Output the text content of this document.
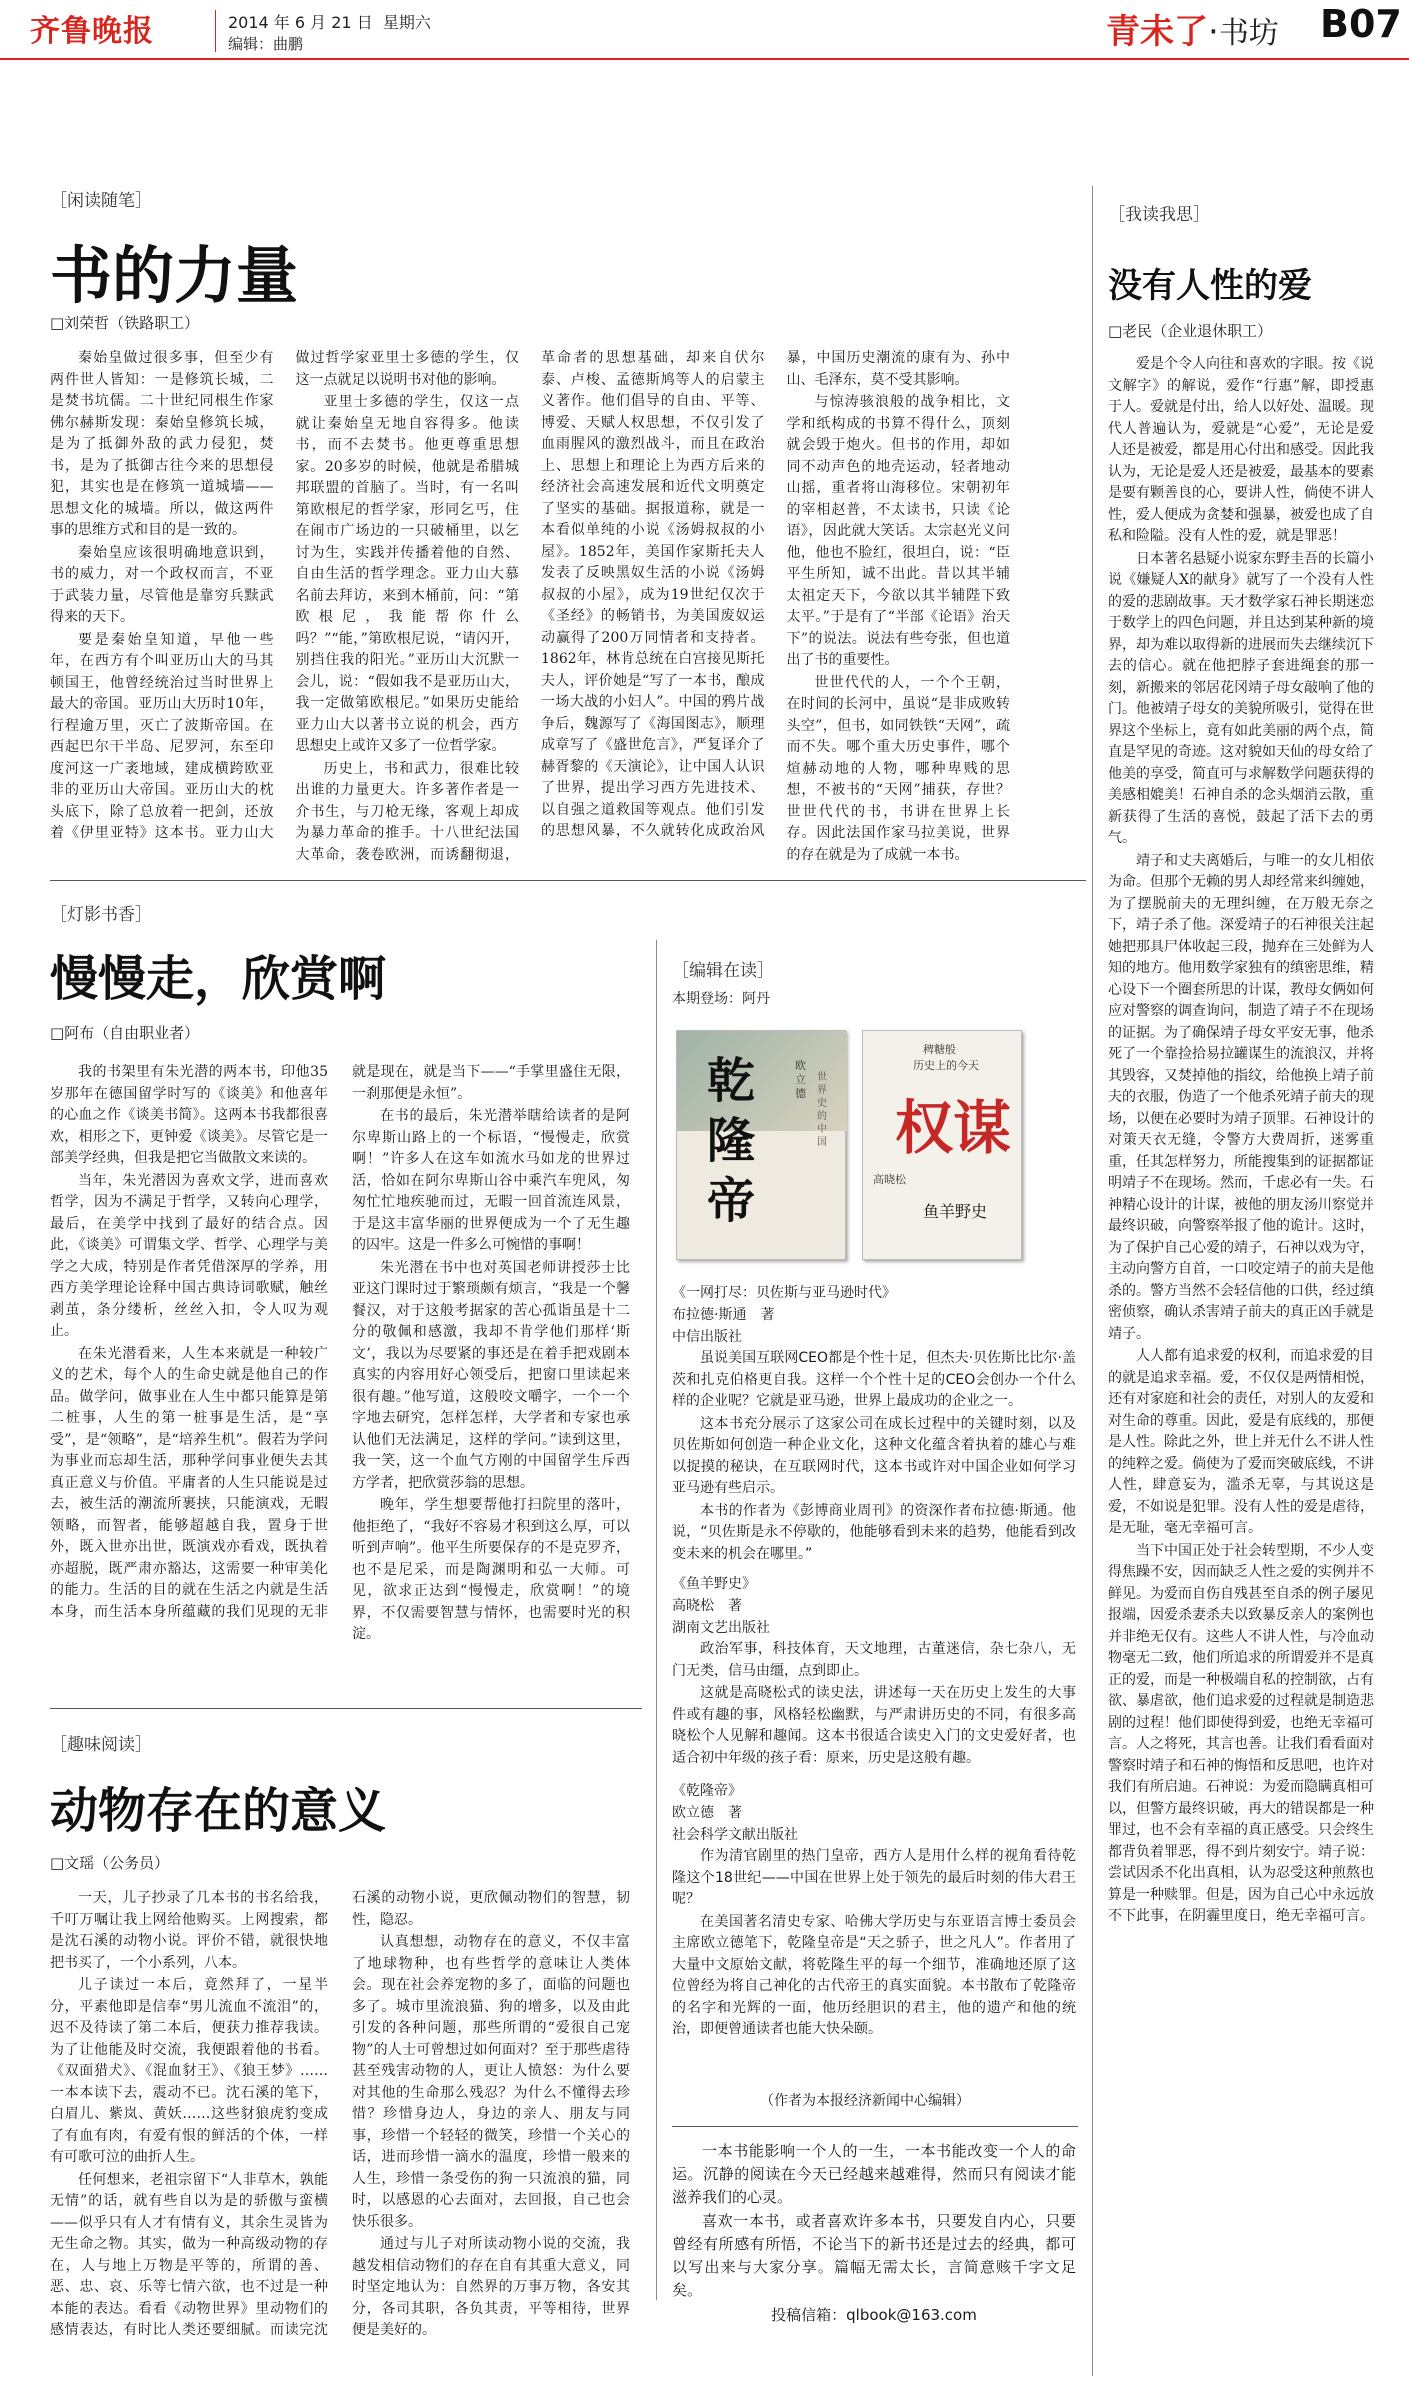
齐鲁晚报	2014 年 6 月 21 日 星期六
编辑：曲鹏	青未了·书坊 B07
［闲读随笔］
书的力量
□刘荣哲（铁路职工）
秦始皇做过很多事，但至少有两件世人皆知：一是修筑长城，二是焚书坑儒。二十世纪同根生作家佛尔赫斯发现：秦始皇修筑长城，是为了抵御外敌的武力侵犯，焚书，是为了抵御古往今来的思想侵犯，其实也是在修筑一道城墙——思想文化的城墙。所以，做这两件事的思维方式和目的是一致的。
秦始皇应该很明确地意识到，书的威力，对一个政权而言，不亚于武装力量，尽管他是靠穷兵黩武得来的天下。
要是秦始皇知道，早他一些年，在西方有个叫亚历山大的马其顿国王，他曾经统治过当时世界上最大的帝国。亚历山大历时10年，行程逾万里，灭亡了波斯帝国。在西起巴尔干半岛、尼罗河，东至印度河这一广袤地域，建成横跨欧亚非的亚历山大帝国。亚历山大的枕头底下，除了总放着一把剑，还放着《伊里亚特》这本书。亚力山大做过哲学家亚里士多德的学生，仅这一点就足以说明书对他的影响。
亚里士多德的学生，仅这一点就让秦始皇无地自容得多。他读书，而不去焚书。他更尊重思想家。20多岁的时候，他就是希腊城邦联盟的首脑了。当时，有一名叫第欧根尼的哲学家，形同乞丐，住在闹市广场边的一只破桶里，以乞讨为生，实践并传播着他的自然、自由生活的哲学理念。亚力山大慕名前去拜访，来到木桶前，问：“第欧根尼，我能帮你什么吗？”“能，”第欧根尼说，“请闪开，别挡住我的阳光。”亚历山大沉默一会儿，说：“假如我不是亚历山大，我一定做第欧根尼。”如果历史能给亚力山大以著书立说的机会，西方思想史上或许又多了一位哲学家。
历史上，书和武力，很难比较出谁的力量更大。许多著作者是一介书生，与刀枪无缘，客观上却成为暴力革命的推手。十八世纪法国大革命，袭卷欧洲，而诱翻彻退，革命者的思想基础，却来自伏尔泰、卢梭、孟德斯鸠等人的启蒙主义著作。他们倡导的自由、平等、博爱、天赋人权思想，不仅引发了血雨腥风的激烈战斗，而且在政治上、思想上和理论上为西方后来的经济社会高速发展和近代文明奠定了坚实的基础。据报道称，就是一本看似单纯的小说《汤姆叔叔的小屋》。1852年，美国作家斯托夫人发表了反映黑奴生活的小说《汤姆叔叔的小屋》，成为19世纪仅次于《圣经》的畅销书，为美国废奴运动赢得了200万同情者和支持者。1862年，林肯总统在白宫接见斯托夫人，评价她是“写了一本书，酿成一场大战的小妇人”。中国的鸦片战争后，魏源写了《海国图志》，顺理成章写了《盛世危言》，严复译介了赫胥黎的《天演论》，让中国人认识了世界，提出学习西方先进技术、以自强之道救国等观点。他们引发的思想风暴，不久就转化成政治风暴，中国历史潮流的康有为、孙中山、毛泽东，莫不受其影响。
与惊涛骇浪般的战争相比，文学和纸构成的书算不得什么，顶刻就会毁于炮火。但书的作用，却如同不动声色的地壳运动，轻者地动山摇，重者将山海移位。宋朝初年的宰相赵普，不太读书，只读《论语》，因此就大笑话。太宗赵光义问他，他也不脸红，很坦白，说：“臣平生所知，诚不出此。昔以其半辅太祖定天下，今欲以其半辅陛下致太平。”于是有了“半部《论语》治天下”的说法。说法有些夸张，但也道出了书的重要性。
世世代代的人，一个个王朝，在时间的长河中，虽说“是非成败转头空”，但书，如同铁铁“天网”，疏而不失。哪个重大历史事件，哪个煊赫动地的人物，哪种卑贱的思想，不被书的“天网”捕获，存世？世世代代的书，书讲在世界上长存。因此法国作家马拉美说，世界的存在就是为了成就一本书。
［我读我思］
没有人性的爱
□老民（企业退休职工）
爱是个令人向往和喜欢的字眼。按《说文解字》的解说，爱作“行惠”解，即授惠于人。爱就是付出，给人以好处、温暖。现代人普遍认为，爱就是“心爱”，无论是爱人还是被爱，都是用心付出和感受。因此我认为，无论是爱人还是被爱，最基本的要素是要有颗善良的心，要讲人性，倘使不讲人性，爱人便成为贪婪和强暴，被爱也成了自私和险隘。没有人性的爱，就是罪恶！
日本著名悬疑小说家东野圭吾的长篇小说《嫌疑人X的献身》就写了一个没有人性的爱的悲剧故事。天才数学家石神长期迷恋于数学上的四色问题，并且达到某种新的境界，却为难以取得新的进展而失去继续沉下去的信心。就在他把脖子套进绳套的那一刻，新搬来的邻居花冈靖子母女敲响了他的门。他被靖子母女的美貌所吸引，觉得在世界这个坐标上，竟有如此美丽的两个点，简直是罕见的奇迹。这对貌如天仙的母女给了他美的享受，简直可与求解数学问题获得的美感相媲美！石神自杀的念头烟消云散，重新获得了生活的喜悦，鼓起了活下去的勇气。
靖子和丈夫离婚后，与唯一的女儿相依为命。但那个无赖的男人却经常来纠缠她，为了摆脱前夫的无理纠缠，在万般无奈之下，靖子杀了他。深爱靖子的石神很关注起她把那具尸体收起三段，抛弃在三处鲜为人知的地方。他用数学家独有的缜密思维，精心设下一个圈套所思的计谋，教母女俩如何应对警察的调查询问，制造了靖子不在现场的证据。为了确保靖子母女平安无事，他杀死了一个靠捡拾易拉罐谋生的流浪汉，并将其毁容，又焚掉他的指纹，给他换上靖子前夫的衣服，伪造了一个他杀死靖子前夫的现场，以便在必要时为靖子顶罪。石神设计的对策天衣无缝，令警方大费周折，迷雾重重，任其怎样努力，所能搜集到的证据都证明靖子不在现场。然而，千虑必有一失。石神精心设计的计谋，被他的朋友汤川察觉并最终识破，向警察举报了他的诡计。这时，为了保护自己心爱的靖子，石神以戏为守，主动向警方自首，一口咬定靖子的前夫是他杀的。警方当然不会轻信他的口供，经过缜密侦察，确认杀害靖子前夫的真正凶手就是靖子。
人人都有追求爱的权利，而追求爱的目的就是追求幸福。爱，不仅仅是两情相悦，还有对家庭和社会的责任，对别人的友爱和对生命的尊重。因此，爱是有底线的，那便是人性。除此之外，世上并无什么不讲人性的纯粹之爱。倘使为了爱而突破底线，不讲人性，肆意妄为，滥杀无辜，与其说这是爱，不如说是犯罪。没有人性的爱是虐待，是无耻，毫无幸福可言。
当下中国正处于社会转型期，不少人变得焦躁不安，因而缺乏人性之爱的实例并不鲜见。为爱而自伤自残甚至自杀的例子屡见报端，因爱杀妻杀夫以致暴反亲人的案例也并非绝无仅有。这些人不讲人性，与冷血动物毫无二致，他们所追求的所谓爱并不是真正的爱，而是一种极端自私的控制欲，占有欲、暴虐欲，他们追求爱的过程就是制造悲剧的过程！他们即使得到爱，也绝无幸福可言。人之将死，其言也善。让我们看看面对警察时靖子和石神的悔悟和反思吧，也许对我们有所启迪。石神说：为爱而隐瞒真相可以，但警方最终识破，再大的错误都是一种罪过，也不会有幸福的真正感受。只会终生都背负着罪恶，得不到片刻安宁。靖子说：尝试因杀不化出真相，认为忍受这种煎熬也算是一种赎罪。但是，因为自己心中永远放不下此事，在阴霾里度日，绝无幸福可言。
［灯影书香］
慢慢走，欣赏啊
□阿布（自由职业者）
我的书架里有朱光潜的两本书，印他35岁那年在德国留学时写的《谈美》和他喜年的心血之作《谈美书简》。这两本书我都很喜欢，相形之下，更钟爱《谈美》。尽管它是一部美学经典，但我是把它当做散文来读的。
当年，朱光潜因为喜欢文学，进而喜欢哲学，因为不满足于哲学，又转向心理学，最后，在美学中找到了最好的结合点。因此，《谈美》可谓集文学、哲学、心理学与美学之大成，特别是作者凭借深厚的学养，用西方美学理论诠释中国古典诗词歌赋，触丝剥茧，条分缕析，丝丝入扣，令人叹为观止。
在朱光潜看来，人生本来就是一种较广义的艺术，每个人的生命史就是他自己的作品。做学问，做事业在人生中都只能算是第二桩事，人生的第一桩事是生活，是“享受”，是“领略”，是“培养生机”。假若为学问为事业而忘却生活，那种学问事业便失去其真正意义与价值。平庸者的人生只能说是过去，被生活的潮流所裹挟，只能演戏，无暇领略，而智者，能够超越自我，置身于世外，既入世亦出世，既演戏亦看戏，既执着亦超脱，既严肃亦豁达，这需要一种审美化的能力。生活的目的就在生活之内就是生活本身，而生活本身所蕴藏的我们见现的无非就是现在，就是当下——“手掌里盛住无限，一刹那便是永恒”。
在书的最后，朱光潜举瞎给读者的是阿尔卑斯山路上的一个标语，“慢慢走，欣赏啊！”许多人在这车如流水马如龙的世界过活，恰如在阿尔卑斯山谷中乘汽车兜风，匆匆忙忙地疾驰而过，无暇一回首流连风景，于是这丰富华丽的世界便成为一个了无生趣的囚牢。这是一件多么可惋惜的事啊！
朱光潜在书中也对英国老师讲授莎士比亚这门课时过于繁琐颇有烦言，“我是一个馨餐汉，对于这般考据家的苦心孤诣虽是十二分的敬佩和感激，我却不肯学他们那样‘斯文’，我以为尽要紧的事还是在着手把戏剧本真实的内容用好心领受后，把窗口里读起来很有趣。”他写道，这般咬文嚼字，一个一个字地去研究，怎样怎样，大学者和专家也承认他们无法满足，这样的学问。”读到这里，我一笑，这一个血气方刚的中国留学生斥西方学者，把欣赏莎翁的思想。
晚年，学生想要帮他打扫院里的落叶，他拒绝了，“我好不容易才积到这么厚，可以听到声响”。他平生所要保存的不是克罗齐，也不是尼采，而是陶渊明和弘一大师。可见，欲求正达到“慢慢走，欣赏啊！”的境界，不仅需要智慧与情怀，也需要时光的积淀。
［编辑在读］
本期登场：阿丹
乾隆帝
欧立德
世界史的中国
稗糖般
历史上的今天
权谋
鱼羊野史
高晓松
《一网打尽：贝佐斯与亚马逊时代》
布拉德·斯通　著
中信出版社
虽说美国互联网CEO都是个性十足，但杰夫·贝佐斯比比尔·盖茨和扎克伯格更自我。这样一个个性十足的CEO会创办一个什么样的企业呢？它就是亚马逊，世界上最成功的企业之一。
这本书充分展示了这家公司在成长过程中的关键时刻，以及贝佐斯如何创造一种企业文化，这种文化蕴含着执着的雄心与难以捉摸的秘诀，在互联网时代，这本书或许对中国企业如何学习亚马逊有些启示。
本书的作者为《彭博商业周刊》的资深作者布拉德·斯通。他说，“贝佐斯是永不停歇的，他能够看到未来的趋势，他能看到改变未来的机会在哪里。”
《鱼羊野史》
高晓松　著
湖南文艺出版社
政治军事，科技体育，天文地理，古董迷信，杂七杂八，无门无类，信马由缰，点到即止。
这就是高晓松式的读史法，讲述每一天在历史上发生的大事件或有趣的事，风格轻松幽默，与严肃讲历史的不同，有很多高晓松个人见解和趣闻。这本书很适合读史入门的文史爱好者，也适合初中年级的孩子看：原来，历史是这般有趣。
《乾隆帝》
欧立德　著
社会科学文献出版社
作为清官剧里的热门皇帝，西方人是用什么样的视角看待乾隆这个18世纪——中国在世界上处于领先的最后时刻的伟大君王呢？
在美国著名清史专家、哈佛大学历史与东亚语言博士委员会主席欧立德笔下，乾隆皇帝是“天之骄子，世之凡人”。作者用了大量中文原始文献，将乾隆生平的每一个细节，准确地还原了这位曾经为将自己神化的古代帝王的真实面貌。本书散布了乾隆帝的名字和光辉的一面，他历经胆识的君主，他的遗产和他的统治，即便曾通读者也能大快朵颐。
（作者为本报经济新闻中心编辑）
［趣味阅读］
动物存在的意义
□文瑶（公务员）
一天，儿子抄录了几本书的书名给我，千叮万嘱让我上网给他购买。上网搜索，都是沈石溪的动物小说。评价不错，就很快地把书买了，一个小系列，八本。
儿子读过一本后，竟然拜了，一星半分，平素他即是信奉“男儿流血不流泪”的，迟不及待读了第二本后，便获力推荐我读。为了让他能及时交流，我便跟着他的书看。《双面猎犬》、《混血豺王》、《狼王梦》……一本本读下去，震动不已。沈石溪的笔下，白眉儿、紫岚、黄妖……这些豺狼虎豹变成了有血有肉，有爱有恨的鲜活的个体，一样有可歌可泣的曲折人生。
任何想来，老祖宗留下“人非草木，孰能无情”的话，就有些自以为是的骄傲与蛮横——似乎只有人才有情有义，其余生灵皆为无生命之物。其实，做为一种高级动物的存在，人与地上万物是平等的，所谓的善、恶、忠、哀、乐等七情六欲，也不过是一种本能的表达。看看《动物世界》里动物们的感情表达，有时比人类还要细腻。而读完沈石溪的动物小说，更欣佩动物们的智慧，韧性，隐忍。
认真想想，动物存在的意义，不仅丰富了地球物种，也有些哲学的意味让人类体会。现在社会养宠物的多了，面临的问题也多了。城市里流浪猫、狗的增多，以及由此引发的各种问题，那些所谓的“爱很自己宠物”的人士可曾想过如何面对？至于那些虐待甚至残害动物的人，更让人愤怒：为什么要对其他的生命那么残忍？为什么不懂得去珍惜？珍惜身边人，身边的亲人、朋友与同事，珍惜一个轻轻的微笑，珍惜一个关心的话，进而珍惜一滴水的温度，珍惜一般来的人生，珍惜一条受伤的狗一只流浪的猫，同时，以感恩的心去面对，去回报，自己也会快乐很多。
通过与儿子对所读动物小说的交流，我越发相信动物们的存在自有其重大意义，同时坚定地认为：自然界的万事万物，各安其分，各司其职，各负其责，平等相待，世界便是美好的。
一本书能影响一个人的一生，一本书能改变一个人的命运。沉静的阅读在今天已经越来越难得，然而只有阅读才能滋养我们的心灵。
喜欢一本书，或者喜欢许多本书，只要发自内心，只要曾经有所感有所悟，不论当下的新书还是过去的经典，都可以写出来与大家分享。篇幅无需太长，言简意赅千字文足矣。
投稿信箱：qlbook@163.com
